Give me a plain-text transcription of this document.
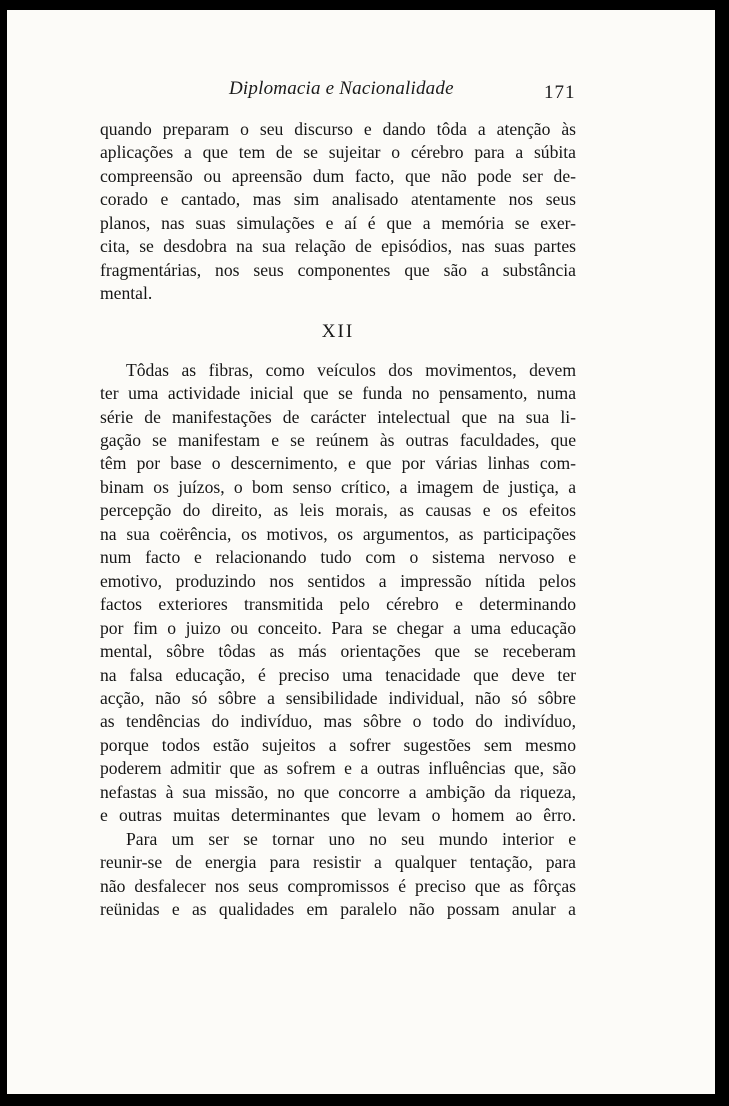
Diplomacia e Nacionalidade	171

quando preparam o seu discurso e dando tôda a atenção às
aplicações a que tem de se sujeitar o cérebro para a súbita
compreensão ou apreensão dum facto, que não pode ser de-
corado e cantado, mas sim analisado atentamente nos seus
planos, nas suas simulações e aí é que a memória se exer-
cita, se desdobra na sua relação de episódios, nas suas partes
fragmentárias, nos seus componentes que são a substância
mental.

XII

Tôdas as fibras, como veículos dos movimentos, devem
ter uma actividade inicial que se funda no pensamento, numa
série de manifestações de carácter intelectual que na sua li-
gação se manifestam e se reúnem às outras faculdades, que
têm por base o descernimento, e que por várias linhas com-
binam os juízos, o bom senso crítico, a imagem de justiça, a
percepção do direito, as leis morais, as causas e os efeitos
na sua coërência, os motivos, os argumentos, as participações
num facto e relacionando tudo com o sistema nervoso e
emotivo, produzindo nos sentidos a impressão nítida pelos
factos exteriores transmitida pelo cérebro e determinando
por fim o juizo ou conceito. Para se chegar a uma educação
mental, sôbre tôdas as más orientações que se receberam
na falsa educação, é preciso uma tenacidade que deve ter
acção, não só sôbre a sensibilidade individual, não só sôbre
as tendências do indivíduo, mas sôbre o todo do indivíduo,
porque todos estão sujeitos a sofrer sugestões sem mesmo
poderem admitir que as sofrem e a outras influências que, são
nefastas à sua missão, no que concorre a ambição da riqueza,
e outras muitas determinantes que levam o homem ao êrro.

Para um ser se tornar uno no seu mundo interior e
reunir-se de energia para resistir a qualquer tentação, para
não desfalecer nos seus compromissos é preciso que as fôrças
reünidas e as qualidades em paralelo não possam anular a
